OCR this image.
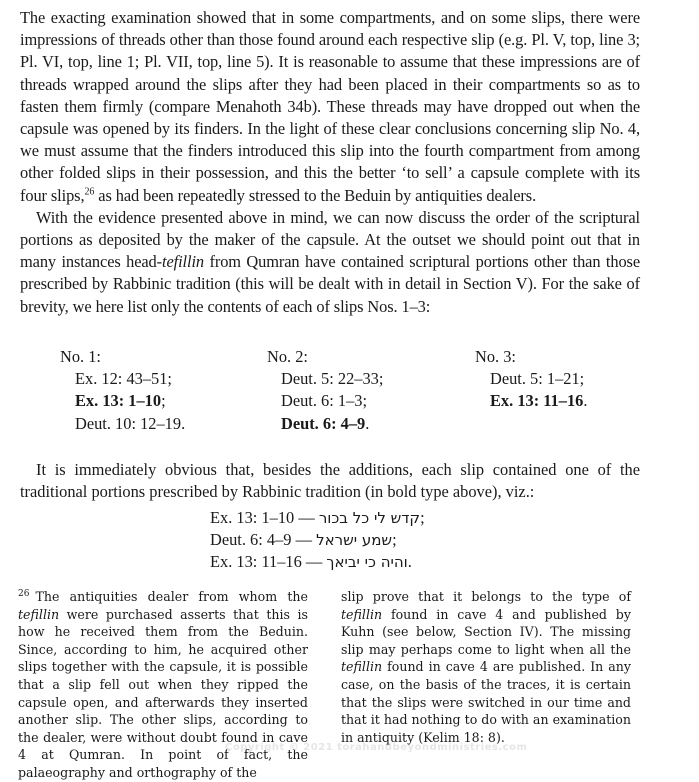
The exacting examination showed that in some compartments, and on some slips, there were impressions of threads other than those found around each respective slip (e.g. Pl. V, top, line 3; Pl. VI, top, line 1; Pl. VII, top, line 5). It is reasonable to assume that these impressions are of threads wrapped around the slips after they had been placed in their compartments so as to fasten them firmly (compare Menahoth 34b). These threads may have dropped out when the capsule was opened by its finders. In the light of these clear conclusions concerning slip No. 4, we must assume that the finders introduced this slip into the fourth compartment from among other folded slips in their possession, and this the better ‘to sell’ a capsule complete with its four slips,$^{26}$ as had been repeatedly stressed to the Beduin by antiquities dealers.

With the evidence presented above in mind, we can now discuss the order of the scriptural portions as deposited by the maker of the capsule. At the outset we should point out that in many instances head-tefillin from Qumran have contained scriptural portions other than those prescribed by Rabbinic tradition (this will be dealt with in detail in Section V). For the sake of brevity, we here list only the contents of each of slips Nos. 1–3:

No. 1:
Ex. 12: 43–51;
Ex. 13: 1–10;
Deut. 10: 12–19.
No. 2:
Deut. 5: 22–33;
Deut. 6: 1–3;
Deut. 6: 4–9.
No. 3:
Deut. 5: 1–21;
Ex. 13: 11–16.
It is immediately obvious that, besides the additions, each slip contained one of the traditional portions prescribed by Rabbinic tradition (in bold type above), viz.:
Ex. 13: 1–10 — קדש לי כל בכור;
Deut. 6: 4–9 — שמע ישראל;
Ex. 13: 11–16 — והיה כי יביאך.
$^{26}$ The antiquities dealer from whom the tefillin were purchased asserts that this is how he received them from the Beduin. Since, according to him, he acquired other slips together with the capsule, it is possible that a slip fell out when they ripped the capsule open, and afterwards they inserted another slip. The other slips, according to the dealer, were without doubt found in cave 4 at Qumran. In point of fact, the palaeography and orthography of the
slip prove that it belongs to the type of tefillin found in cave 4 and published by Kuhn (see below, Section IV). The missing slip may perhaps come to light when all the tefillin found in cave 4 are published. In any case, on the basis of the traces, it is certain that the slips were switched in our time and that it had nothing to do with an examination in antiquity (Kelim 18: 8).
Copyright © 2021 torahandbeyondministries.com
